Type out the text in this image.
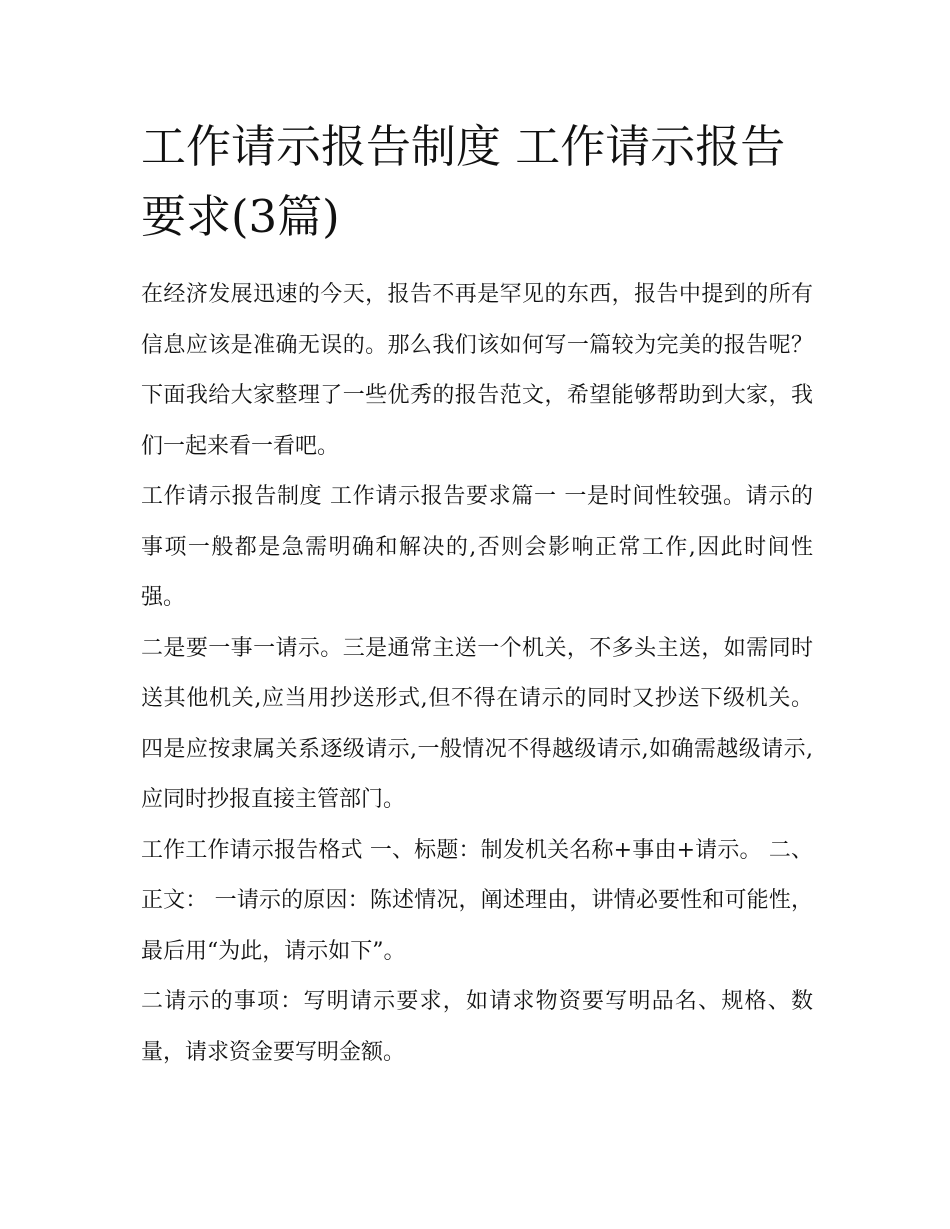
工作请示报告制度 工作请示报告要求(3篇)

在经济发展迅速的今天，报告不再是罕见的东西，报告中提到的所有信息应该是准确无误的。那么我们该如何写一篇较为完美的报告呢？下面我给大家整理了一些优秀的报告范文，希望能够帮助到大家，我们一起来看一看吧。

工作请示报告制度 工作请示报告要求篇一 一是时间性较强。请示的事项一般都是急需明确和解决的,否则会影响正常工作,因此时间性强。

二是要一事一请示。三是通常主送一个机关，不多头主送，如需同时送其他机关,应当用抄送形式,但不得在请示的同时又抄送下级机关。四是应按隶属关系逐级请示,一般情况不得越级请示,如确需越级请示,应同时抄报直接主管部门。

工作工作请示报告格式 一、标题：制发机关名称+事由+请示。 二、正文： 一请示的原因：陈述情况，阐述理由，讲情必要性和可能性，最后用“为此，请示如下”。

二请示的事项：写明请示要求，如请求物资要写明品名、规格、数量，请求资金要写明金额。
